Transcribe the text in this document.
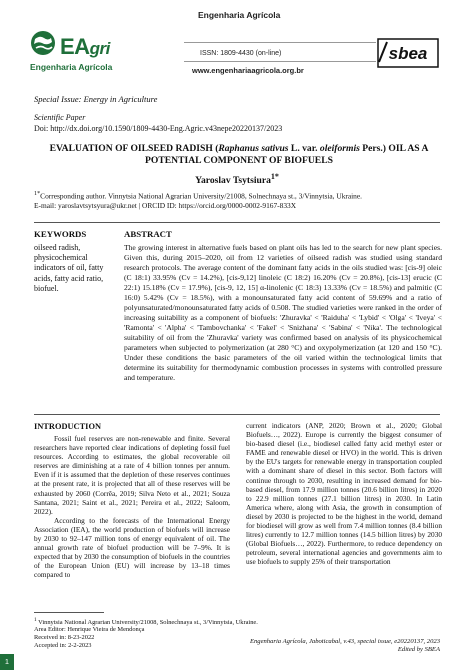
EAgri
Engenharia Agrícola
Engenharia Agrícola
ISSN: 1809-4430 (on-line)
www.engenhariaagricola.org.br
sbea
Special Issue: Energy in Agriculture
Scientific Paper
Doi: http://dx.doi.org/10.1590/1809-4430-Eng.Agric.v43nepe20220137/2023
EVALUATION OF OILSEED RADISH (Raphanus sativus L. var. oleiformis Pers.) OIL AS A POTENTIAL COMPONENT OF BIOFUELS
Yaroslav Tsytsiura$^{1*}$
$^{1*}$Corresponding author. Vinnytsia National Agrarian University/21008, Solnechnaya st., 3/Vinnytsia, Ukraine.
E-mail: yaroslavtsytsyura@ukr.net | ORCID ID: https://orcid.org/0000-0002-9167-833X
KEYWORDS
oilseed radish, physicochemical indicators of oil, fatty acids, fatty acid ratio, biofuel.
ABSTRACT
The growing interest in alternative fuels based on plant oils has led to the search for new plant species. Given this, during 2015–2020, oil from 12 varieties of oilseed radish was studied using standard research protocols. The average content of the dominant fatty acids in the oils studied was: [cis-9] oleic (C 18:1) 33.95% (Cv = 14.2%), [cis-9,12] linoleic (C 18:2) 16.20% (Cv = 20.8%), [cis-13] erucic (C 22:1) 15.18% (Cv = 17.9%), [cis-9, 12, 15] α-linolenic (C 18:3) 13.33% (Cv = 18.5%) and palmitic (C 16:0) 5.42% (Cv = 18.5%), with a monounsaturated fatty acid content of 59.69% and a ratio of polyunsaturated/monounsaturated fatty acids of 0.508. The studied varieties were ranked in the order of increasing suitability as a component of biofuels: 'Zhuravka' < 'Raiduha' < 'Lybid' < 'Olga' < 'Iveya' < 'Ramonta' < 'Alpha' < 'Tambovchanka' < 'Fakel' < 'Snizhana' < 'Sabina' < 'Nika'. The technological suitability of oil from the 'Zhuravka' variety was confirmed based on analysis of its physicochemical parameters when subjected to polymerization (at 280 °C) and oxypolymerization (at 120 and 150 °C). Under these conditions the basic parameters of the oil varied within the technological limits that determine its suitability for thermodynamic combustion processes in systems with controlled pressure and temperature.
INTRODUCTION

Fossil fuel reserves are non-renewable and finite. Several researchers have reported clear indications of depleting fossil fuel resources. According to estimates, the global recoverable oil reserves are diminishing at a rate of 4 billion tonnes per annum. Even if it is assumed that the depletion of these reserves continues at the present rate, it is projected that all of these reserves will be exhausted by 2060 (Corrêa, 2019; Silva Neto et al., 2021; Souza Santana, 2021; Saint et al., 2021; Pereira et al., 2022; Saloom, 2022).

According to the forecasts of the International Energy Association (IEA), the world production of biofuels will increase by 2030 to 92–147 million tons of energy equivalent of oil. The annual growth rate of biofuel production will be 7–9%. It is expected that by 2030 the consumption of biofuels in the countries of the European Union (EU) will increase by 13–18 times compared to

current indicators (ANP, 2020; Brown et al., 2020; Global Biofuels…, 2022). Europe is currently the biggest consumer of bio-based diesel (i.e., biodiesel called fatty acid methyl ester or FAME and renewable diesel or HVO) in the world. This is driven by the EU's targets for renewable energy in transportation coupled with a dominant share of diesel in this sector. Both factors will continue through to 2030, resulting in increased demand for bio-based diesel, from 17.9 million tonnes (20.6 billion litres) in 2020 to 22.9 million tonnes (27.1 billion litres) in 2030. In Latin America where, along with Asia, the growth in consumption of diesel by 2030 is projected to be the highest in the world, demand for biodiesel will grow as well from 7.4 million tonnes (8.4 billion litres) currently to 12.7 million tonnes (14.5 billion litres) by 2030 (Global Biofuels…, 2022). Furthermore, to reduce dependency on petroleum, several international agencies and governments aim to use biofuels to supply 25% of their transportation
$^1$ Vinnytsia National Agrarian University/21008, Solnechnaya st., 3/Vinnytsia, Ukraine.
Area Editor: Henrique Vieira de Mendonça
Received in: 8-23-2022
Accepted in: 2-2-2023
Engenharia Agrícola, Jaboticabal, v.43, special issue, e20220137, 2023
Edited by SBEA
1
